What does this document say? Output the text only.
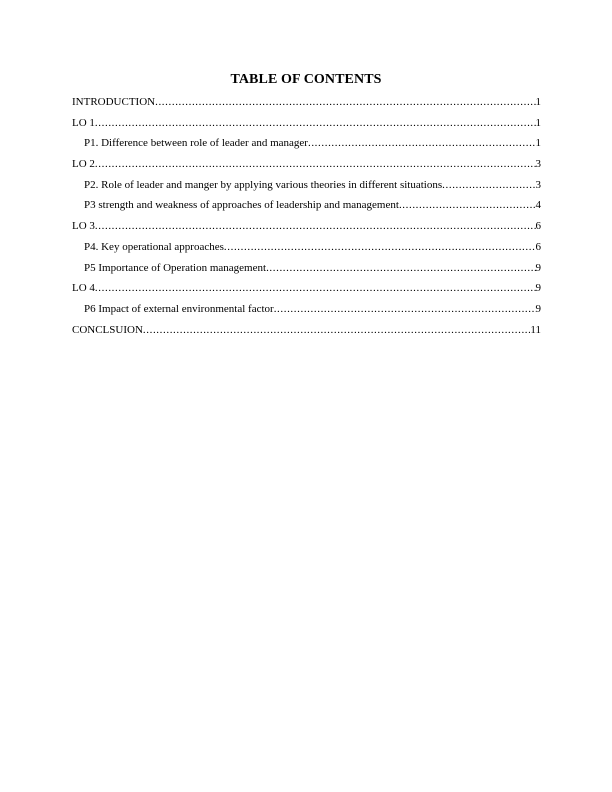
TABLE OF CONTENTS
INTRODUCTION .....	1
LO 1 .....	1
P1. Difference between role of leader and manager .....	1
LO 2 .....	3
P2. Role of leader and manger by applying various theories in different situations .....	3
P3 strength and weakness of approaches of leadership and management .....	4
LO 3 .....	6
P4. Key operational approaches .....	6
P5 Importance of Operation management .....	9
LO 4 .....	9
P6 Impact of external environmental factor .....	9
CONCLSUION .....	11
